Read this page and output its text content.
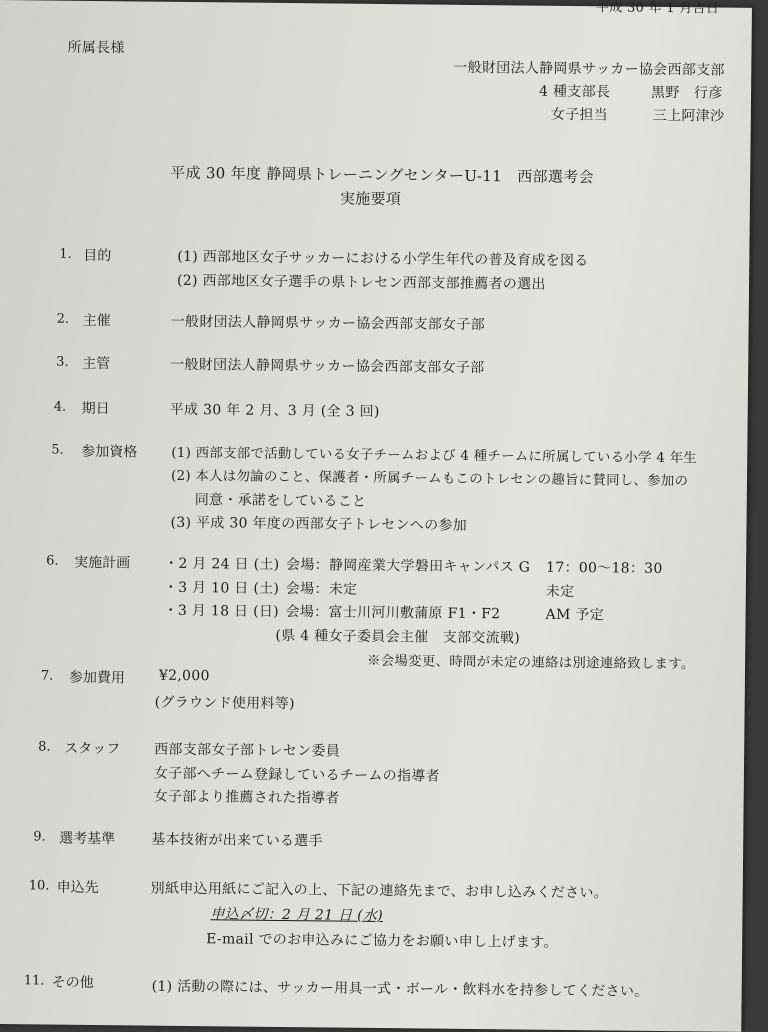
平成 30 年 1 月吉日
所属長様
一般財団法人静岡県サッカー協会西部支部
4 種支部長	黒野　行彦
女子担当	三上阿津沙
平成 30 年度 静岡県トレーニングセンターU-11　西部選考会
実施要項
1. 目的	(1) 西部地区女子サッカーにおける小学生年代の普及育成を図る
(2) 西部地区女子選手の県トレセン西部支部推薦者の選出
2. 主催	一般財団法人静岡県サッカー協会西部支部女子部
3. 主管	一般財団法人静岡県サッカー協会西部支部女子部
4. 期日	平成 30 年 2 月、3 月 (全 3 回)
5. 参加資格	(1) 西部支部で活動している女子チームおよび 4 種チームに所属している小学 4 年生
(2) 本人は勿論のこと、保護者・所属チームもこのトレセンの趣旨に賛同し、参加の
同意・承諾をしていること
(3) 平成 30 年度の西部女子トレセンへの参加
6. 実施計画 ・2 月 24 日 (土) 会場：静岡産業大学磐田キャンパス G 17：00〜18：30
・3 月 10 日 (土) 会場：未定	未定
・3 月 18 日 (日) 会場：富士川河川敷蒲原 F1・F2	AM 予定
(県 4 種女子委員会主催　支部交流戦)
※会場変更、時間が未定の連絡は別途連絡致します。
7. 参加費用 ¥2,000
(グラウンド使用料等)
8. スタッフ 西部支部女子部トレセン委員
女子部へチーム登録しているチームの指導者
女子部より推薦された指導者
9. 選考基準	基本技術が出来ている選手
10. 申込先	別紙申込用紙にご記入の上、下記の連絡先まで、お申し込みください。
申込〆切：2 月 21 日 (水)
E-mail でのお申込みにご協力をお願い申し上げます。
11. その他	(1) 活動の際には、サッカー用具一式・ボール・飲料水を持参してください。
